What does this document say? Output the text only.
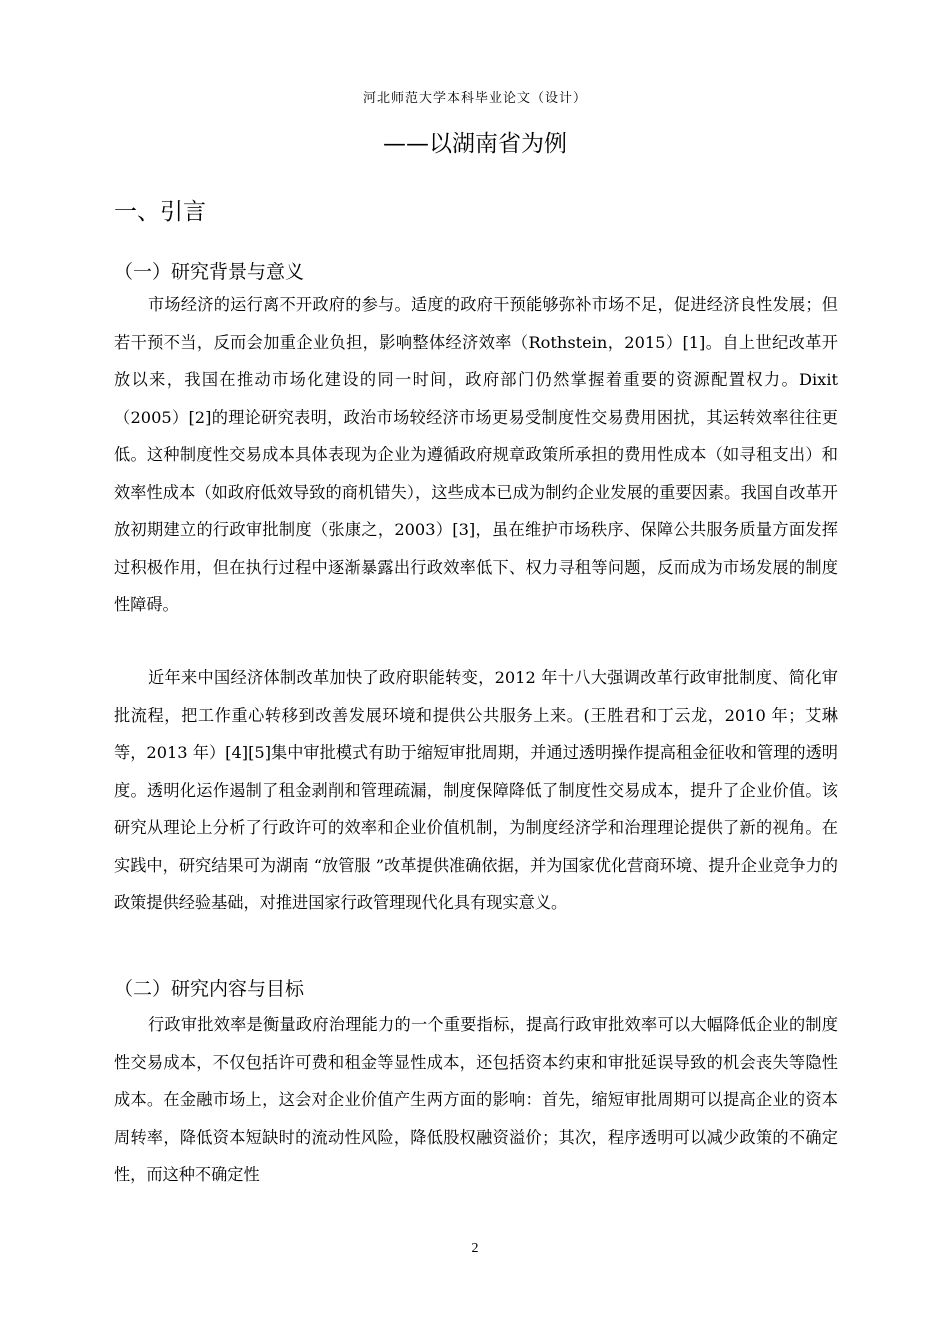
河北师范大学本科毕业论文（设计）
——以湖南省为例
一、引言
（一）研究背景与意义

市场经济的运行离不开政府的参与。适度的政府干预能够弥补市场不足，促进经济良性发展；但若干预不当，反而会加重企业负担，影响整体经济效率（Rothstein，2015）[1]。自上世纪改革开放以来，我国在推动市场化建设的同一时间，政府部门仍然掌握着重要的资源配置权力。Dixit（2005）[2]的理论研究表明，政治市场较经济市场更易受制度性交易费用困扰，其运转效率往往更低。这种制度性交易成本具体表现为企业为遵循政府规章政策所承担的费用性成本（如寻租支出）和效率性成本（如政府低效导致的商机错失），这些成本已成为制约企业发展的重要因素。我国自改革开放初期建立的行政审批制度（张康之，2003）[3]，虽在维护市场秩序、保障公共服务质量方面发挥过积极作用，但在执行过程中逐渐暴露出行政效率低下、权力寻租等问题，反而成为市场发展的制度性障碍。

近年来中国经济体制改革加快了政府职能转变，2012 年十八大强调改革行政审批制度、简化审批流程，把工作重心转移到改善发展环境和提供公共服务上来。(王胜君和丁云龙，2010 年；艾琳等，2013 年）[4][5]集中审批模式有助于缩短审批周期，并通过透明操作提高租金征收和管理的透明度。透明化运作遏制了租金剥削和管理疏漏，制度保障降低了制度性交易成本，提升了企业价值。该研究从理论上分析了行政许可的效率和企业价值机制，为制度经济学和治理理论提供了新的视角。在实践中，研究结果可为湖南 “放管服 ”改革提供准确依据，并为国家优化营商环境、提升企业竞争力的政策提供经验基础，对推进国家行政管理现代化具有现实意义。

（二）研究内容与目标

行政审批效率是衡量政府治理能力的一个重要指标，提高行政审批效率可以大幅降低企业的制度性交易成本，不仅包括许可费和租金等显性成本，还包括资本约束和审批延误导致的机会丧失等隐性成本。在金融市场上，这会对企业价值产生两方面的影响：首先，缩短审批周期可以提高企业的资本周转率，降低资本短缺时的流动性风险，降低股权融资溢价；其次，程序透明可以减少政策的不确定性，而这种不确定性

2
